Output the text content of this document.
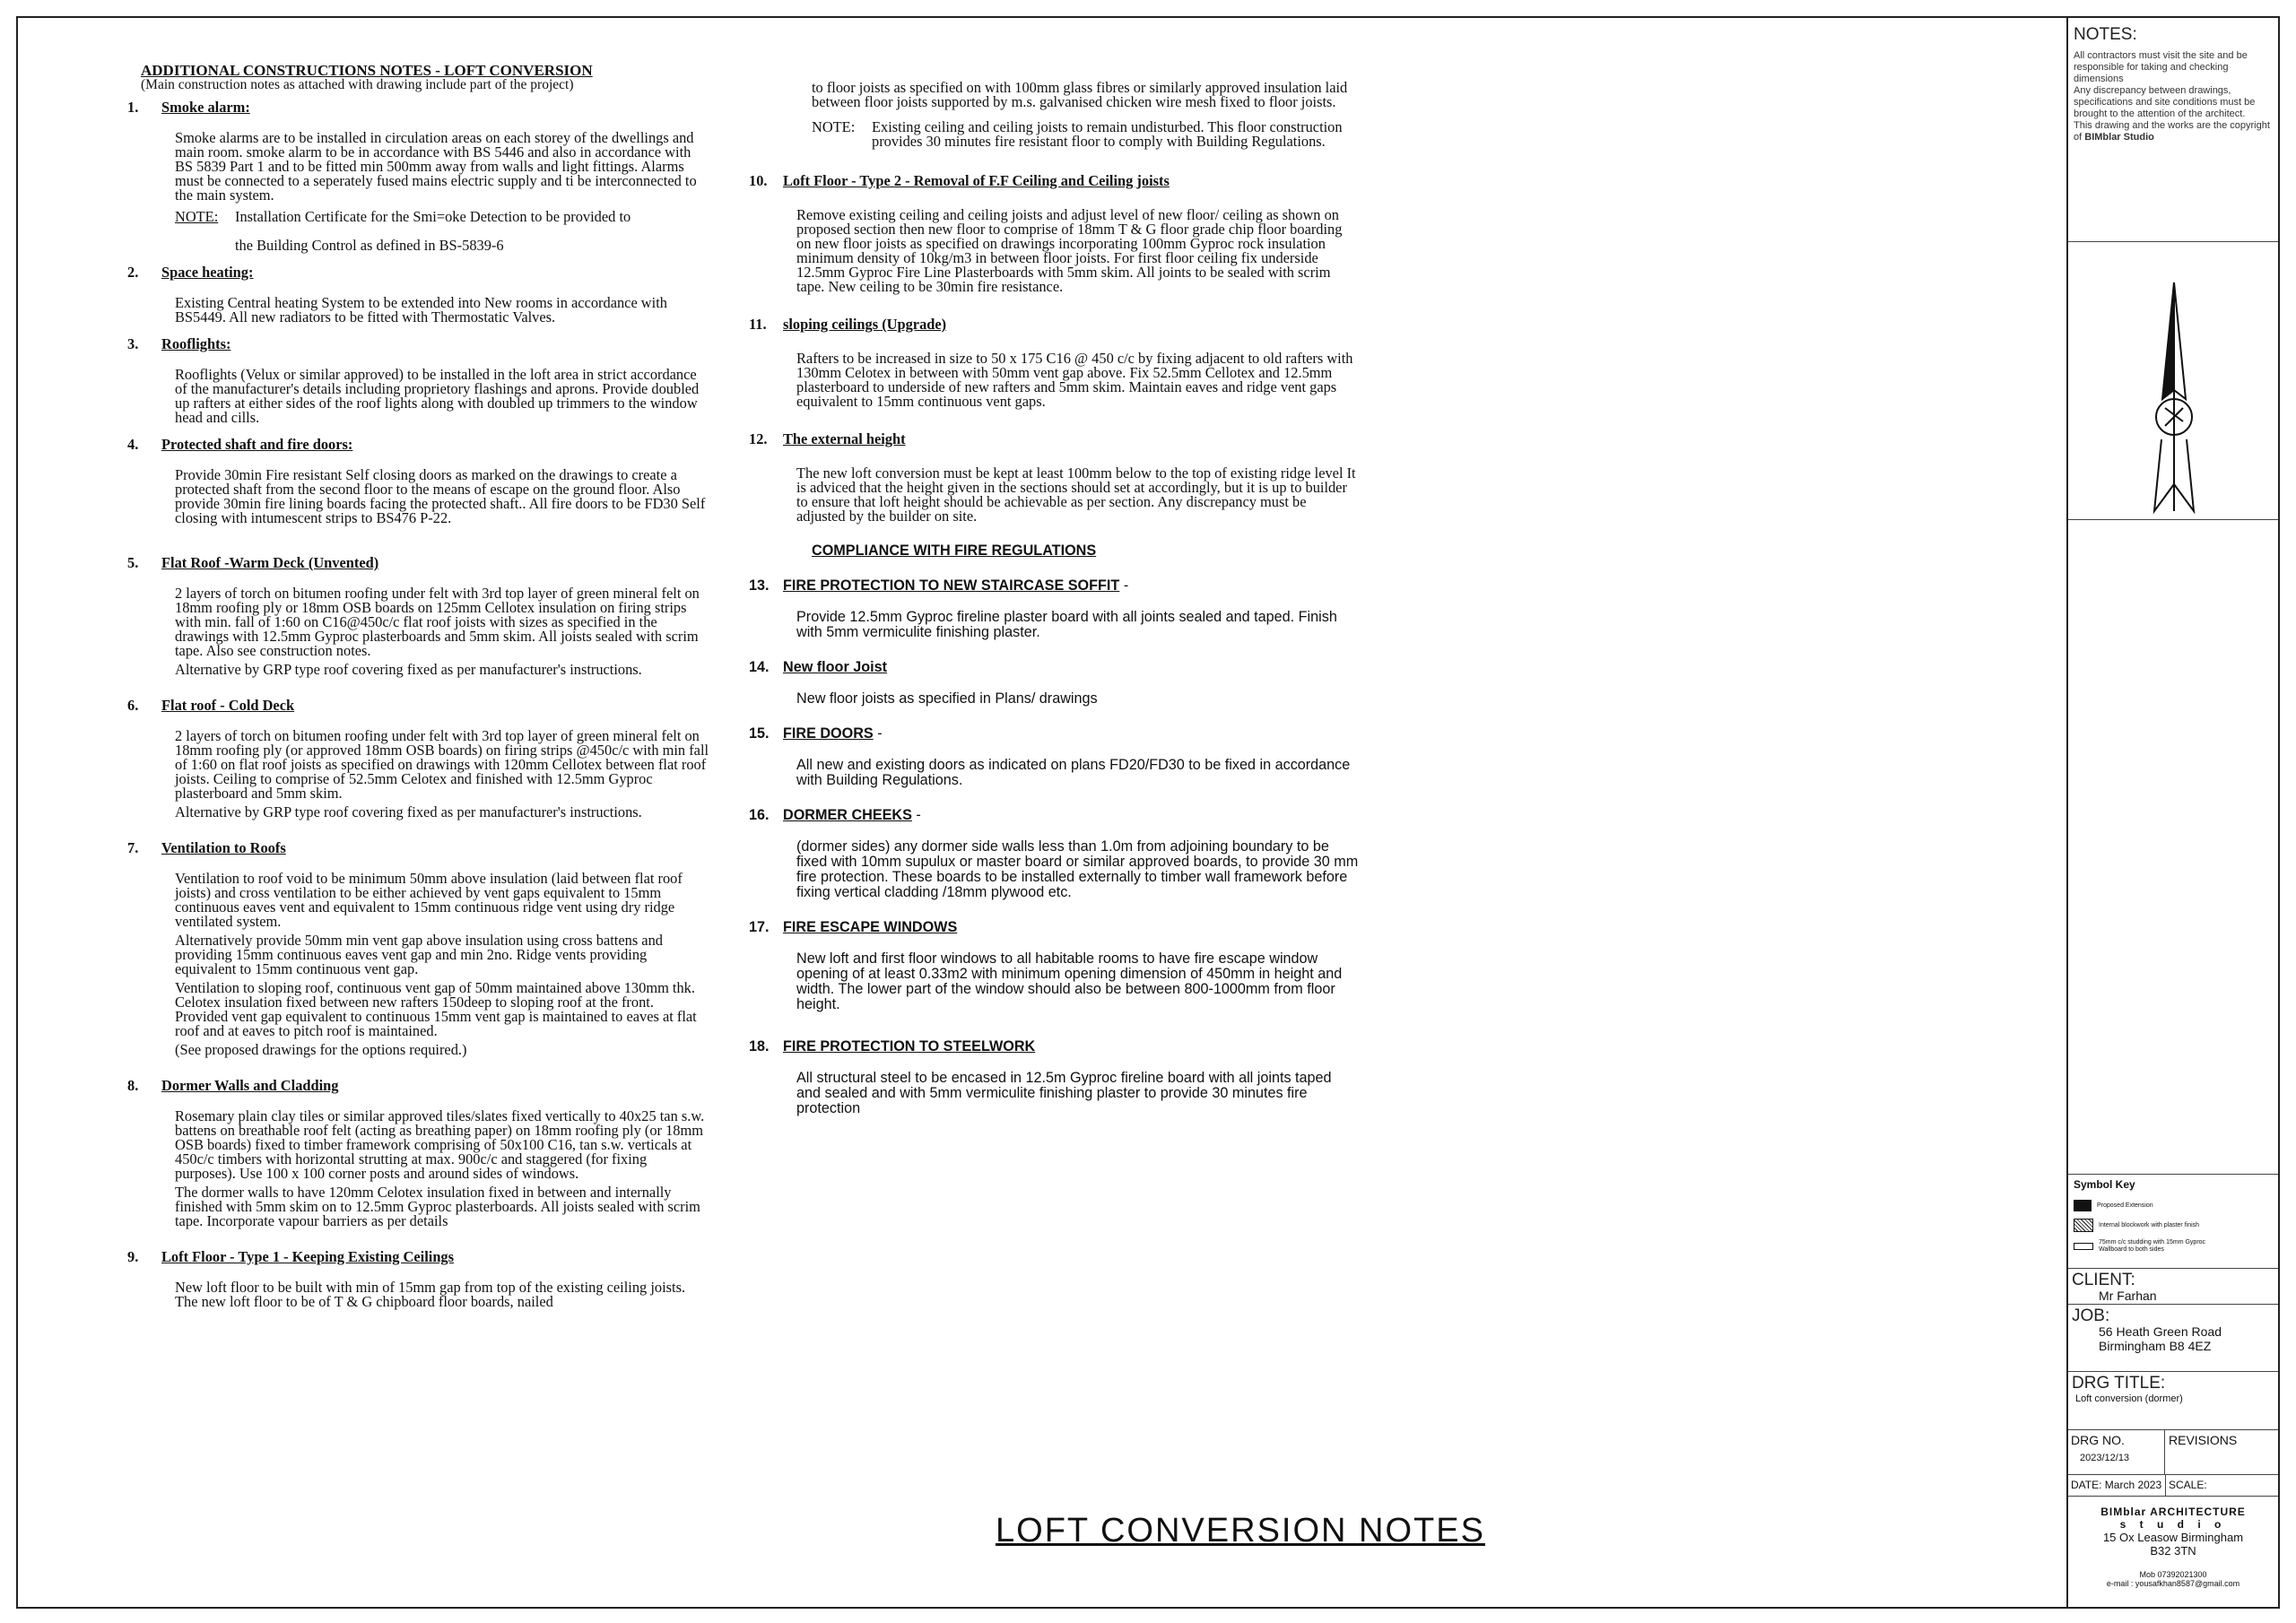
ADDITIONAL CONSTRUCTIONS NOTES - LOFT CONVERSION
(Main construction notes as attached with drawing include part of the project)
1. Smoke alarm:
Smoke alarms are to be installed in circulation areas on each storey of the dwellings and main room. smoke alarm to be in accordance with BS 5446 and also in accordance with BS 5839 Part 1 and to be fitted min 500mm away from walls and light fittings. Alarms must be connected to a seperately fused mains electric supply and ti be interconnected to the main system.
NOTE:	Installation Certificate for the Smi=oke Detection to be provided to
the Building Control as defined in BS-5839-6
2. Space heating:
Existing Central heating System to be extended into New rooms in accordance with BS5449. All new radiators to be fitted with Thermostatic Valves.
3. Rooflights:
Rooflights (Velux or similar approved) to be installed in the loft area in strict accordance of the manufacturer's details including proprietory flashings and aprons. Provide doubled up rafters at either sides of the roof lights along with doubled up trimmers to the window head and cills.
4. Protected shaft and fire doors:
Provide 30min Fire resistant Self closing doors as marked on the drawings to create a protected shaft from the second floor to the means of escape on the ground floor. Also provide 30min fire lining boards facing the protected shaft.. All fire doors to be FD30 Self closing with intumescent strips to BS476 P-22.
5. Flat Roof -Warm Deck (Unvented)
2 layers of torch on bitumen roofing under felt with 3rd top layer of green mineral felt on 18mm roofing ply or 18mm OSB boards on 125mm Cellotex insulation on firing strips with min. fall of 1:60 on C16@450c/c flat roof joists with sizes as specified in the drawings with 12.5mm Gyproc plasterboards and 5mm skim. All joists sealed with scrim tape. Also see construction notes.
Alternative by GRP type roof covering fixed as per manufacturer's instructions.
6. Flat roof - Cold Deck
2 layers of torch on bitumen roofing under felt with 3rd top layer of green mineral felt on 18mm roofing ply (or approved 18mm OSB boards) on firing strips @450c/c with min fall of 1:60 on flat roof joists as specified on drawings with 120mm Cellotex between flat roof joists. Ceiling to comprise of 52.5mm Celotex and finished with 12.5mm Gyproc plasterboard and 5mm skim.
Alternative by GRP type roof covering fixed as per manufacturer's instructions.
7. Ventilation to Roofs
Ventilation to roof void to be minimum 50mm above insulation (laid between flat roof joists) and cross ventilation to be either achieved by vent gaps equivalent to 15mm continuous eaves vent and equivalent to 15mm continuous ridge vent using dry ridge ventilated system.
Alternatively provide 50mm min vent gap above insulation using cross battens and providing 15mm continuous eaves vent gap and min 2no. Ridge vents providing equivalent to 15mm continuous vent gap.
Ventilation to sloping roof, continuous vent gap of 50mm maintained above 130mm thk. Celotex insulation fixed between new rafters 150deep to sloping roof at the front. Provided vent gap equivalent to continuous 15mm vent gap is maintained to eaves at flat roof and at eaves to pitch roof is maintained.
(See proposed drawings for the options required.)
8. Dormer Walls and Cladding
Rosemary plain clay tiles or similar approved tiles/slates fixed vertically to 40x25 tan s.w. battens on breathable roof felt (acting as breathing paper) on 18mm roofing ply (or 18mm OSB boards) fixed to timber framework comprising of 50x100 C16, tan s.w. verticals at 450c/c timbers with horizontal strutting at max. 900c/c and staggered (for fixing purposes). Use 100 x 100 corner posts and around sides of windows.
The dormer walls to have 120mm Celotex insulation fixed in between and internally finished with 5mm skim on to 12.5mm Gyproc plasterboards. All joists sealed with scrim tape. Incorporate vapour barriers as per details
9. Loft Floor - Type 1 - Keeping Existing Ceilings
New loft floor to be built with min of 15mm gap from top of the existing ceiling joists. The new loft floor to be of T & G chipboard floor boards, nailed
to floor joists as specified on with 100mm glass fibres or similarly approved insulation laid between floor joists supported by m.s. galvanised chicken wire mesh fixed to floor joists.
NOTE:	Existing ceiling and ceiling joists to remain undisturbed. This floor construction provides 30 minutes fire resistant floor to comply with Building Regulations.
10. Loft Floor - Type 2 - Removal of F.F Ceiling and Ceiling joists
Remove existing ceiling and ceiling joists and adjust level of new floor/ ceiling as shown on proposed section then new floor to comprise of 18mm T & G floor grade chip floor boarding on new floor joists as specified on drawings incorporating 100mm Gyproc rock insulation minimum density of 10kg/m3 in between floor joists. For first floor ceiling fix underside 12.5mm Gyproc Fire Line Plasterboards with 5mm skim. All joints to be sealed with scrim tape. New ceiling to be 30min fire resistance.
11. sloping ceilings (Upgrade)
Rafters to be increased in size to 50 x 175 C16 @ 450 c/c by fixing adjacent to old rafters with 130mm Celotex in between with 50mm vent gap above. Fix 52.5mm Cellotex and 12.5mm plasterboard to underside of new rafters and 5mm skim. Maintain eaves and ridge vent gaps equivalent to 15mm continuous vent gaps.
12. The external height
The new loft conversion must be kept at least 100mm below to the top of existing ridge level It is adviced that the height given in the sections should set at accordingly, but it is up to builder to ensure that loft height should be achievable as per section. Any discrepancy must be adjusted by the builder on site.
COMPLIANCE WITH FIRE REGULATIONS
13. FIRE PROTECTION TO NEW STAIRCASE SOFFIT -
Provide 12.5mm Gyproc fireline plaster board with all joints sealed and taped. Finish with 5mm vermiculite finishing plaster.
14. New floor Joist
New floor joists as specified in Plans/ drawings
15. FIRE DOORS -
All new and existing doors as indicated on plans FD20/FD30 to be fixed in accordance with Building Regulations.
16. DORMER CHEEKS -
(dormer sides) any dormer side walls less than 1.0m from adjoining boundary to be fixed with 10mm supulux or master board or similar approved boards, to provide 30 mm fire protection. These boards to be installed externally to timber wall framework before fixing vertical cladding /18mm plywood etc.
17. FIRE ESCAPE WINDOWS
New loft and first floor windows to all habitable rooms to have fire escape window opening of at least 0.33m2 with minimum opening dimension of 450mm in height and width. The lower part of the window should also be between 800-1000mm from floor height.
18. FIRE PROTECTION TO STEELWORK
All structural steel to be encased in 12.5m Gyproc fireline board with all joints taped and sealed and with 5mm vermiculite finishing plaster to provide 30 minutes fire protection
LOFT CONVERSION NOTES
NOTES:
All contractors must visit the site and be responsible for taking and checking dimensions
Any discrepancy between drawings, specifications and site conditions must be brought to the attention of the architect.
This drawing and the works are the copyright of BIMblar Studio
Symbol Key
Proposed Extension
Internal blockwork with plaster finish
75mm c/c studding with 15mm Gyproc Wallboard to both sides
CLIENT:
Mr Farhan
JOB:
56 Heath Green Road
Birmingham B8 4EZ
DRG TITLE:
Loft conversion (dormer)
DRG NO.
2023/12/13
REVISIONS
DATE: March 2023 SCALE:
BIMblar ARCHITECTURE
s t u d i o
15 Ox Leasow Birmingham
B32 3TN
Mob 07392021300
e-mail : yousafkhan8587@gmail.com
